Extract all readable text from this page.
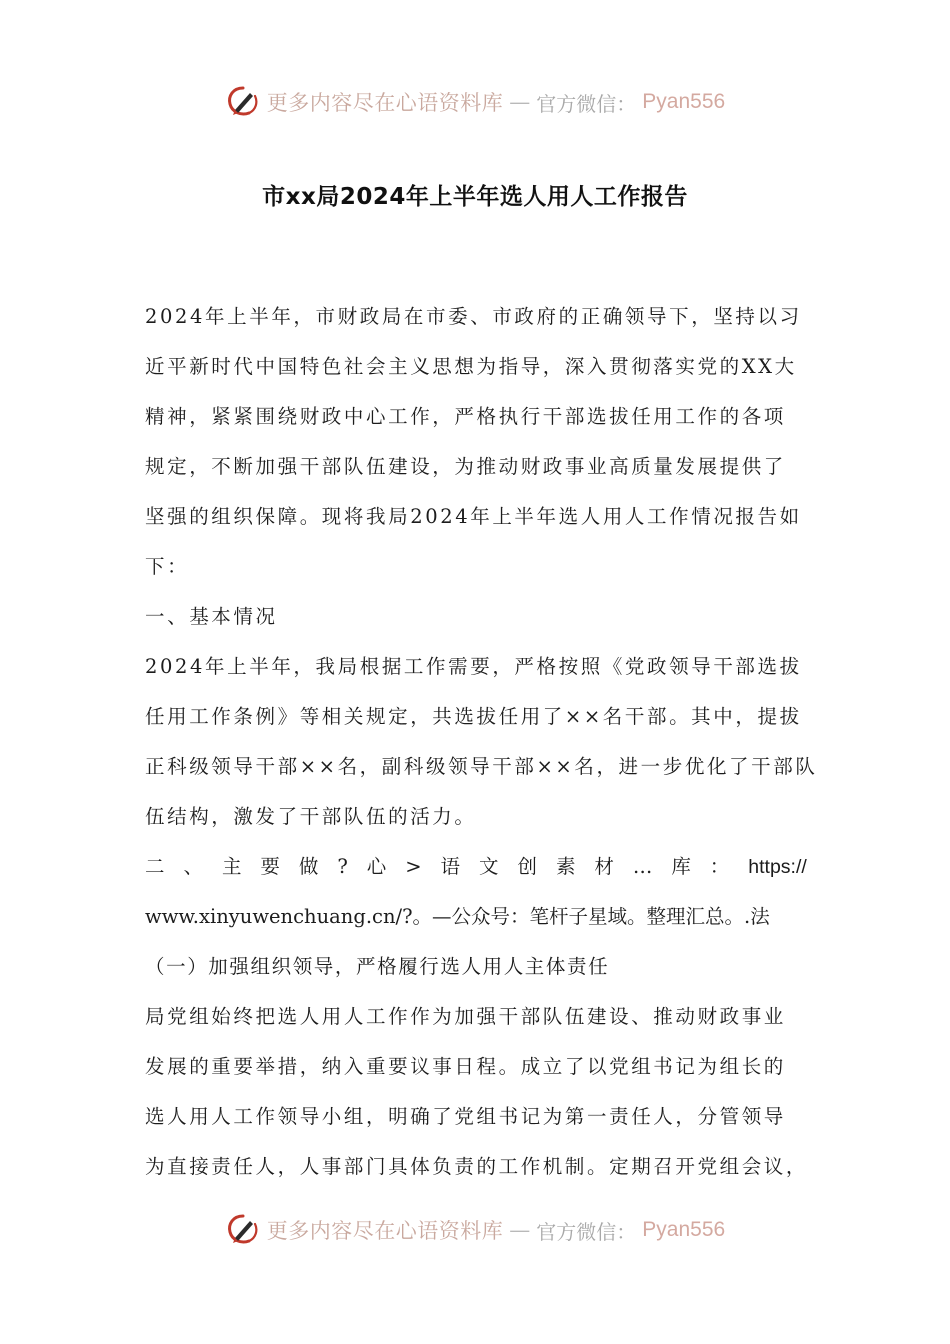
更多内容尽在心语资料库 — 官方微信： Pyan556
市xx局2024年上半年选人用人工作报告
2024年上半年，市财政局在市委、市政府的正确领导下，坚持以习
近平新时代中国特色社会主义思想为指导，深入贯彻落实党的XX大
精神，紧紧围绕财政中心工作，严格执行干部选拔任用工作的各项
规定，不断加强干部队伍建设，为推动财政事业高质量发展提供了
坚强的组织保障。现将我局2024年上半年选人用人工作情况报告如
下：
一、基本情况
2024年上半年，我局根据工作需要，严格按照《党政领导干部选拔
任用工作条例》等相关规定，共选拔任用了××名干部。其中，提拔
正科级领导干部××名，副科级领导干部××名，进一步优化了干部队
伍结构，激发了干部队伍的活力。
二 、 主 要 做 ? 心 > 语 文 创 素 材 … 库 ： https://
www.xinyuwenchuang.cn/?。—公众号：笔杆子星域。整理汇总。.法
（一）加强组织领导，严格履行选人用人主体责任
局党组始终把选人用人工作作为加强干部队伍建设、推动财政事业
发展的重要举措，纳入重要议事日程。成立了以党组书记为组长的
选人用人工作领导小组，明确了党组书记为第一责任人，分管领导
为直接责任人，人事部门具体负责的工作机制。定期召开党组会议，
更多内容尽在心语资料库 — 官方微信： Pyan556
